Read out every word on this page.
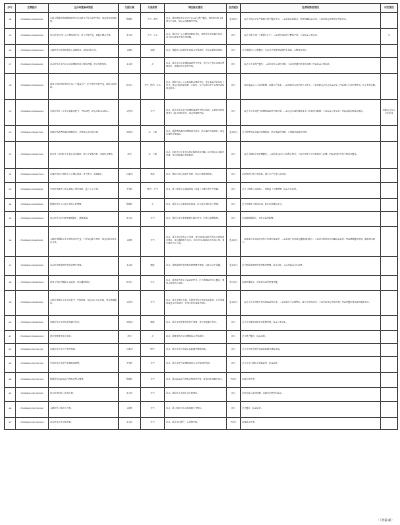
序号	受理编号	交办问题基本情况	行政区域	污染类型	调查核实情况	是否属实	处理和整改情况	问责情况
24	ZYHXSH20190625001	安阳市殷都区铁西路附近有企业夜间生产排放刺鼻气味，周边群众反映强烈。	殷都区	大气、噪声	经查，该区域涉及企业已于2019年停产整治，现场检查时未发现生产迹象，周边未闻到明显异味。	基本属实	一是责令相关企业严格落实停产整治要求；二是加强夜间巡查，发现问题依法查处；三是对周边区域开展异味排查。	
25	ZYHXSH20190625002	龙安区某石料厂未办理环评手续，扬尘污染严重，运输车辆未苫盖。	龙安区	大气、生态	经查，该石料厂未办理环评审批手续，现场存在物料露天堆放、扬尘防控措施不到位等问题。	属实	一是责令该石料厂立即停止生产；二是对物料进行全覆盖苫盖；三是依法立案查处。	无
26	ZYHXSH20190625003	文峰区某小区附近餐饮店油烟直排，影响居民生活。	文峰区	油烟	经查，该餐饮店油烟净化设施未正常运行，存在油烟直排现象。	属实	责令该餐饮店立即整改，安装并正常使用油烟净化设施，定期清洗维护。	
27	ZYHXSH20190626001	北关区某企业污水未经处理直接排入附近河道，河水发黑发臭。	北关区	水	经查，该企业污水处理设施运行不正常，部分生产废水经雨水管网排放，河道局部水体有异味。	属实	一是责令企业停产整改；二是对排污口进行封堵；三是对河道开展清淤治理；四是依法立案处罚。	
28	ZYHXSH20190626002	林州市某村附近有砂石加工厂违法生产，粉尘噪声污染严重，破坏山体植被。	林州市	大气、噪声、生态	经查，该砂石加工点未取得相关审批手续，存在违法开采和加工行为，周边山体植被受到一定破坏，生产过程中粉尘和噪声影响周边群众。	属实	一是对违法加工点进行取缔，拆除生产设备；二是对破坏山体开展生态修复；三是对相关责任人依法查处；四是建立长效监管机制，防止死灰复燃。	
29	ZYHXSH20190626003	安阳县某化工企业夜间偷排废气，气味刺鼻，周边村民头晕恶心。	安阳县	大气	经查，该企业存在废气处理设施运行不稳定情况，夜间检查时发现部分工段无组织排放，周边可闻到异味。	属实	一是责令企业对废气处理设施进行升级改造；二是安装在线监测设备并与环保部门联网；三是依法立案查处；四是加强夜间巡查频次。	对相关责任人予以约谈
30	ZYHXSH20190627001	汤阴县某养殖场粪污随意排放，污染周边农田和沟渠。	汤阴县	水、土壤	经查，该养殖场粪污处理设施不完善，存在粪污外溢现象，周边沟渠有污染痕迹。	基本属实	责令养殖场完善粪污处理设施，对沟渠进行清理，实现粪污资源化利用。	
31	ZYHXSH20190627002	滑县某工业园区企业废水排放超标，地下水受到污染，村民饮水困难。	滑县	水、土壤	经查，园区部分企业存在废水超标排放问题，经对周边水井取样检测，部分指标超出标准限值。	属实	一是责令超标企业限期整改；二是对周边村庄实施集中供水；三是开展地下水污染调查与治理；四是对园区开展全面排查整治。	
32	ZYHXSH20190627003	内黄县某村垃圾堆放点长期未清运，臭气熏天，蚊蝇滋生。	内黄县	其他	经查，该村垃圾点清运不及时，存在垃圾堆积现象。	属实	已对积存垃圾全部清运，建立日产日清长效机制。	
33	ZYHXSH20190628001	开发区某建筑工地夜间施工噪声扰民，渣土车未苫盖。	开发区	噪声、大气	经查，该工地存在夜间违规施工及渣土车辆苫盖不严问题。	属实	责令工地停止夜间施工，规范渣土车辆管理，依法予以处罚。	
34	ZYHXSH20190628002	殷都区某洗车店废水直排市政管网。	殷都区	水	经查，该洗车店未建设沉淀设施，洗车废水直接排入管网。	属实	责令其建设三级沉淀池，废水经处理后排放。	
35	ZYHXSH20190628003	龙安区某小作坊使用燃煤锅炉，黑烟滚滚。	龙安区	大气	经查，该作坊存在使用燃煤小锅炉行为，已列入取缔范围。	属实	已拆除燃煤锅炉，对作坊进行取缔。	
36	ZYHXSH20190629001	文峰区某钢铁企业无组织排放严重，厂区周边降尘明显，周边居民反映多次未果。	文峰区	大气	经查，该企业原料场未全封闭，部分物料转运环节存在无组织排放现象，周边道路积尘较多。企业已制定超低排放改造方案，部分项目正在实施。	基本属实	一是督促企业加快原料场全封闭改造进度；二是加强厂区及周边道路清扫保洁；三是对无组织排放问题依法处罚；四是明确整改时限，跟踪督办落实。	
37	ZYHXSH20190629002	北关区某医院医疗废物处置不规范。	北关区	固废	经查，该医院医疗废物暂存间管理不规范，台账记录不完整。	基本属实	责令医院规范医疗废物暂存管理，完善台账，交由有资质单位处置。	
38	ZYHXSH20190629003	林州市某村河道被非法采砂，河床遭到破坏。	林州市	生态	经查，该河段曾存在非法采砂行为，已于前期进行打击整治，现场未发现正在采砂。	部分属实	加强河道巡查，对采砂坑进行回填平整。	
39	ZYHXSH20190630001	安阳县某焦化企业排放废气，异味扰民，周边村庄多次反映，要求彻底整治。	安阳县	大气	经查，该企业焦炉装煤、出焦环节存在异味外溢情况，企业环保设施基本正常运行，但部分密封措施不到位。	基本属实	一是责令企业对焦炉密封设施进行改造；二是加强生产过程管控，减少无组织排放；三是开展周边异味监测；四是对整改情况进行跟踪检查。	
40	ZYHXSH20190630002	汤阴县某企业危险废物露天存放。	汤阴县	固废	经查，该企业危废暂存场所不规范，部分危废露天存放。	属实	责令企业建设规范化危废暂存库，依法立案查处。	
41	ZYHXSH20190630003	滑县某屠宰场废水直排。	滑县	水	经查，该屠宰场污水处理设施未正常运行。	属实	责令停产整改，依法处罚。	
42	ZYHXSH20190701001	内黄县某企业生产噪声扰民。	内黄县	噪声	经查，该企业部分设备未采取隔声降噪措施。	属实	责令企业对高噪声设备采取隔声减振措施。	
43	ZYHXSH20190701002	开发区某企业废气处理设施闲置。	开发区	大气	经查，该企业废气处理设施存在未正常运行情况。	属实	责令企业立即恢复设施运行，依法处罚。	
44	ZYHXSH20190701003	殷都区某加油站油气回收装置未使用。	殷都区	大气	经查，该加油站油气回收装置运行正常，群众反映问题不属实。	不属实	加强日常监管。	
45	ZYHXSH20190702001	龙安区某村私自焚烧垃圾。	龙安区	大气	经查，该村存在焚烧生活垃圾现象。	属实	已对焚烧点进行清理，加强宣传教育和巡查。	
46	ZYHXSH20190702002	文峰区某工地扬尘污染。	文峰区	大气	经查，该工地扬尘防控措施落实不到位。	属实	责令整改，依法处罚。	
47	ZYHXSH20190702003	北关区某企业异味扰民。	北关区	大气	经查，该企业已停产，未发现异味。	不属实	加强巡查监管。	
（下转第4版）
